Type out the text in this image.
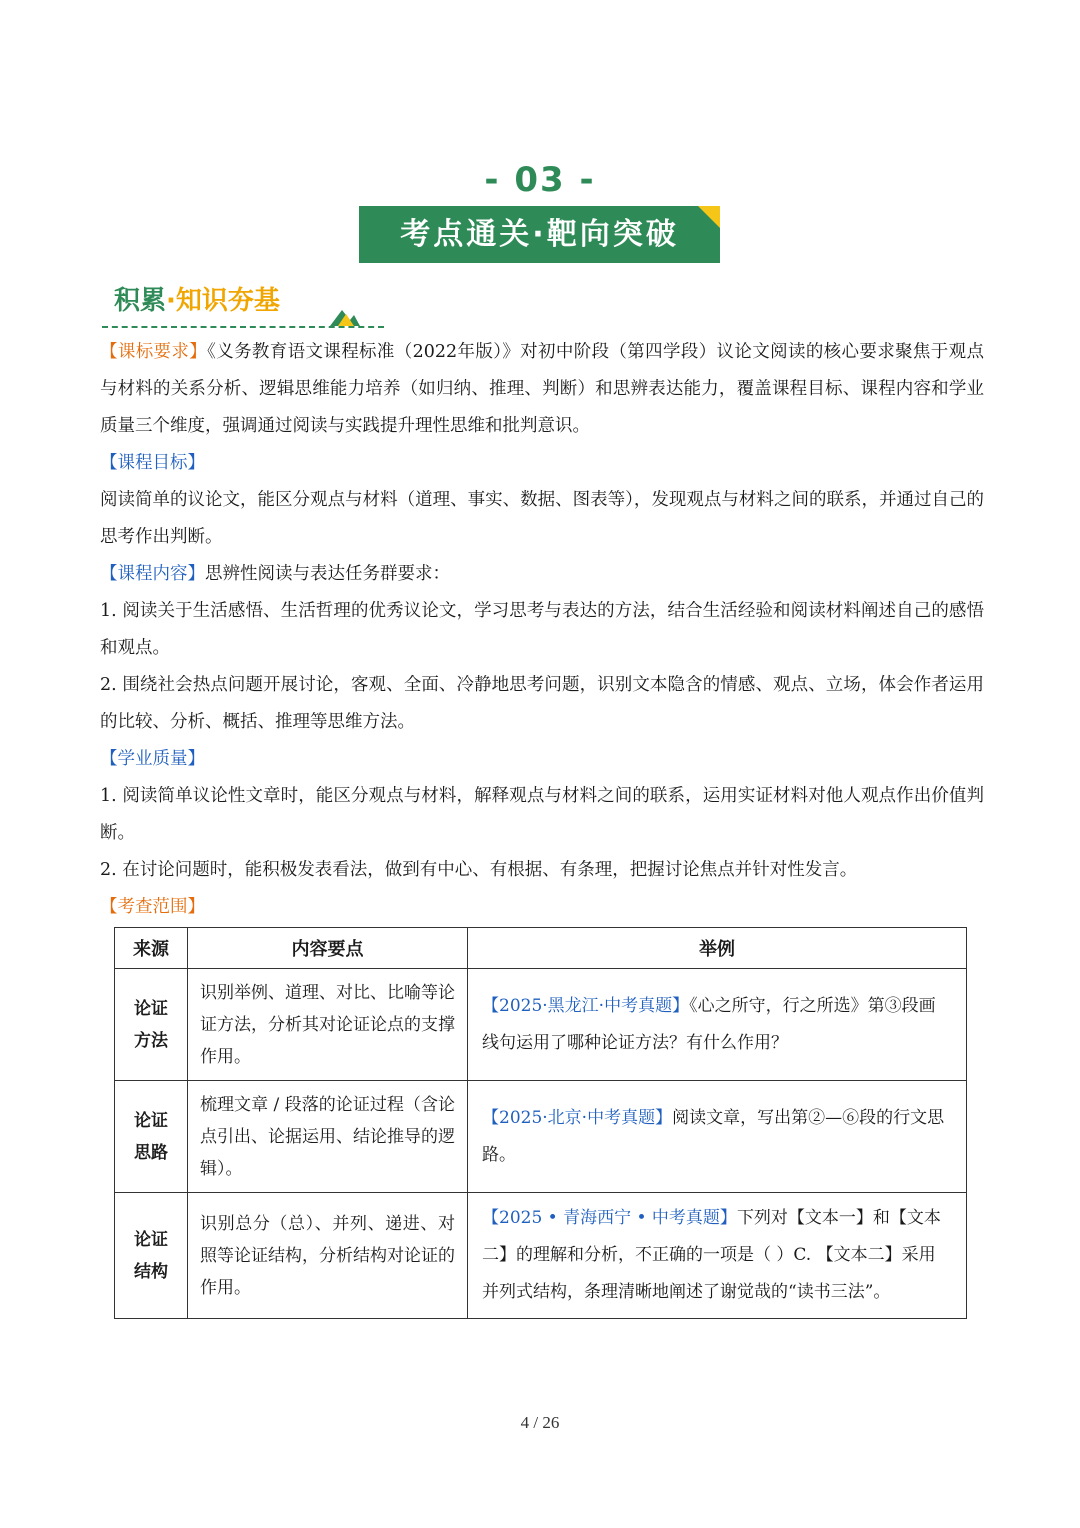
- 03 -
考点通关·靶向突破
积累·知识夯基

【课标要求】《义务教育语文课程标准（2022年版）》对初中阶段（第四学段）议论文阅读的核心要求聚焦于观点与材料的关系分析、逻辑思维能力培养（如归纳、推理、判断）和思辨表达能力，覆盖课程目标、课程内容和学业质量三个维度，强调通过阅读与实践提升理性思维和批判意识。

【课程目标】

阅读简单的议论文，能区分观点与材料（道理、事实、数据、图表等），发现观点与材料之间的联系，并通过自己的思考作出判断。

【课程内容】思辨性阅读与表达任务群要求：

1. 阅读关于生活感悟、生活哲理的优秀议论文，学习思考与表达的方法，结合生活经验和阅读材料阐述自己的感悟和观点。

2. 围绕社会热点问题开展讨论，客观、全面、冷静地思考问题，识别文本隐含的情感、观点、立场，体会作者运用的比较、分析、概括、推理等思维方法。

【学业质量】

1. 阅读简单议论性文章时，能区分观点与材料，解释观点与材料之间的联系，运用实证材料对他人观点作出价值判断。

2. 在讨论问题时，能积极发表看法，做到有中心、有根据、有条理，把握讨论焦点并针对性发言。

【考查范围】

来源	内容要点	举例
论证
方法	识别举例、道理、对比、比喻等论证方法，分析其对论证论点的支撑作用。	【2025·黑龙江·中考真题】《心之所守，行之所选》第③段画线句运用了哪种论证方法？有什么作用？
论证
思路	梳理文章 / 段落的论证过程（含论点引出、论据运用、结论推导的逻辑）。	【2025·北京·中考真题】阅读文章，写出第②—⑥段的行文思路。
论证
结构	识别总分（总）、并列、递进、对照等论证结构，分析结构对论证的作用。	【2025 • 青海西宁 • 中考真题】下列对【文本一】和【文本二】的理解和分析，不正确的一项是（ ）C. 【文本二】采用并列式结构，条理清晰地阐述了谢觉哉的“读书三法”。
4 / 26
